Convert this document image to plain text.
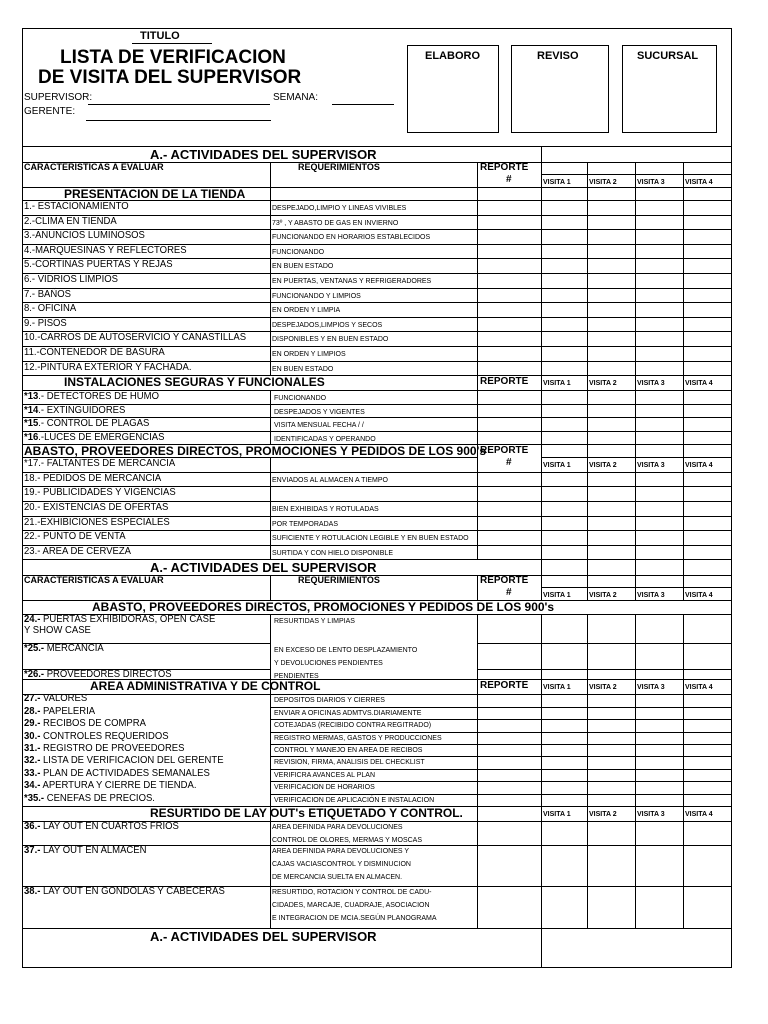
TITULO
LISTA DE VERIFICACION
DE VISITA DEL SUPERVISOR
SUPERVISOR:	SEMANA:
GERENTE:
ELABORO	REVISO	SUCURSAL
A.- ACTIVIDADES DEL SUPERVISOR
CARACTERISTICAS A EVALUAR	REQUERIMIENTOS	REPORTE
#	VISITA 1	VISITA 2	VISITA 3	VISITA 4
PRESENTACION DE LA TIENDA
1.- ESTACIONAMIENTO	DESPEJADO,LIMPIO Y LINEAS VIVIBLES
2.-CLIMA EN TIENDA	73º , Y ABASTO DE GAS EN INVIERNO
3.-ANUNCIOS LUMINOSOS	FUNCIONANDO EN HORARIOS ESTABLECIDOS
4.-MARQUESINAS Y REFLECTORES	FUNCIONANDO
5.-CORTINAS PUERTAS Y REJAS	EN BUEN ESTADO
6.- VIDRIOS LIMPIOS	EN PUERTAS, VENTANAS Y REFRIGERADORES
7.- BAÑOS	FUNCIONANDO Y LIMPIOS
8.- OFICINA	EN ORDEN Y LIMPIA
9.- PISOS	DESPEJADOS,LIMPIOS Y SECOS
10.-CARROS DE AUTOSERVICIO Y CANASTILLAS	DISPONIBLES Y EN BUEN ESTADO
11.-CONTENEDOR DE BASURA	EN ORDEN Y LIMPIOS
12.-PINTURA EXTERIOR Y FACHADA.	EN BUEN ESTADO
INSTALACIONES SEGURAS Y FUNCIONALES	REPORTE VISITA 1	VISITA 2	VISITA 3	VISITA 4
*13.- DETECTORES DE HUMO	FUNCIONANDO
*14.- EXTINGUIDORES	DESPEJADOS Y VIGENTES
*15.- CONTROL DE PLAGAS	VISITA MENSUAL FECHA / /
*16.-LUCES DE EMERGENCIAS	IDENTIFICADAS Y OPERANDO
ABASTO, PROVEEDORES DIRECTOS, PROMOCIONES Y PEDIDOS DE LOS 900's
REPORTE
#	VISITA 1	VISITA 2	VISITA 3	VISITA 4
*17.- FALTANTES DE MERCANCIA
18.- PEDIDOS DE MERCANCIA	ENVIADOS AL ALMACEN A TIEMPO
19.- PUBLICIDADES Y VIGENCIAS
20.- EXISTENCIAS DE OFERTAS	BIEN EXHIBIDAS Y ROTULADAS
21.-EXHIBICIONES ESPECIALES	POR TEMPORADAS
22.- PUNTO DE VENTA	SUFICIENTE Y ROTULACION LEGIBLE Y EN BUEN ESTADO
23.- AREA DE CERVEZA	SURTIDA Y CON HIELO DISPONIBLE
A.- ACTIVIDADES DEL SUPERVISOR
CARACTERISTICAS A EVALUAR	REQUERIMIENTOS	REPORTE
#	VISITA 1	VISITA 2	VISITA 3	VISITA 4
ABASTO, PROVEEDORES DIRECTOS, PROMOCIONES Y PEDIDOS DE LOS 900's
24.- PUERTAS EXHIBIDORAS, OPEN CASE
Y SHOW CASE
RESURTIDAS Y LIMPIAS
*25.- MERCANCIA	EN EXCESO DE LENTO DESPLAZAMIENTO
Y DEVOLUCIONES PENDIENTES
*26.- PROVEEDORES DIRECTOS	PENDIENTES
AREA ADMINISTRATIVA Y DE CONTROL	REPORTE VISITA 1	VISITA 2	VISITA 3	VISITA 4
27.- VALORES	DEPOSITOS DIARIOS Y CIERRES
28.- PAPELERIA	ENVIAR A OFICINAS ADMTVS.DIARIAMENTE
29.- RECIBOS DE COMPRA	COTEJADAS (RECIBIDO CONTRA REGITRADO)
30.- CONTROLES REQUERIDOS	REGISTRO MERMAS, GASTOS Y PRODUCCIONES
31.- REGISTRO DE PROVEEDORES	CONTROL Y MANEJO EN AREA DE RECIBOS
32.- LISTA DE VERIFICACION DEL GERENTE	REVISION, FIRMA, ANALISIS DEL CHECKLIST
33.- PLAN DE ACTIVIDADES SEMANALES	VERIFICRA AVANCES AL PLAN
34.- APERTURA Y CIERRE DE TIENDA.	VERIFICACION DE HORARIOS
*35.- CENEFAS DE PRECIOS.	VERIFICACION DE APLICACIÓN E INSTALACION
RESURTIDO DE LAY OUT's ETIQUETADO Y CONTROL.	VISITA 1	VISITA 2	VISITA 3	VISITA 4
36.- LAY OUT EN CUARTOS FRIOS	AREA DEFINIDA PARA DEVOLUCIONES
CONTROL DE OLORES, MERMAS Y MOSCAS
37.- LAY OUT EN ALMACEN	AREA DEFINIDA PARA DEVOLUCIONES Y
CAJAS VACIASCONTROL Y DISMINUCION
DE MERCANCIA SUELTA EN ALMACEN.
38.- LAY OUT EN GONDOLAS Y CABECERAS	RESURTIDO, ROTACION Y CONTROL DE CADU-
CIDADES, MARCAJE, CUADRAJE, ASOCIACION
E INTEGRACION DE MCIA.SEGÚN PLANOGRAMA
A.- ACTIVIDADES DEL SUPERVISOR
